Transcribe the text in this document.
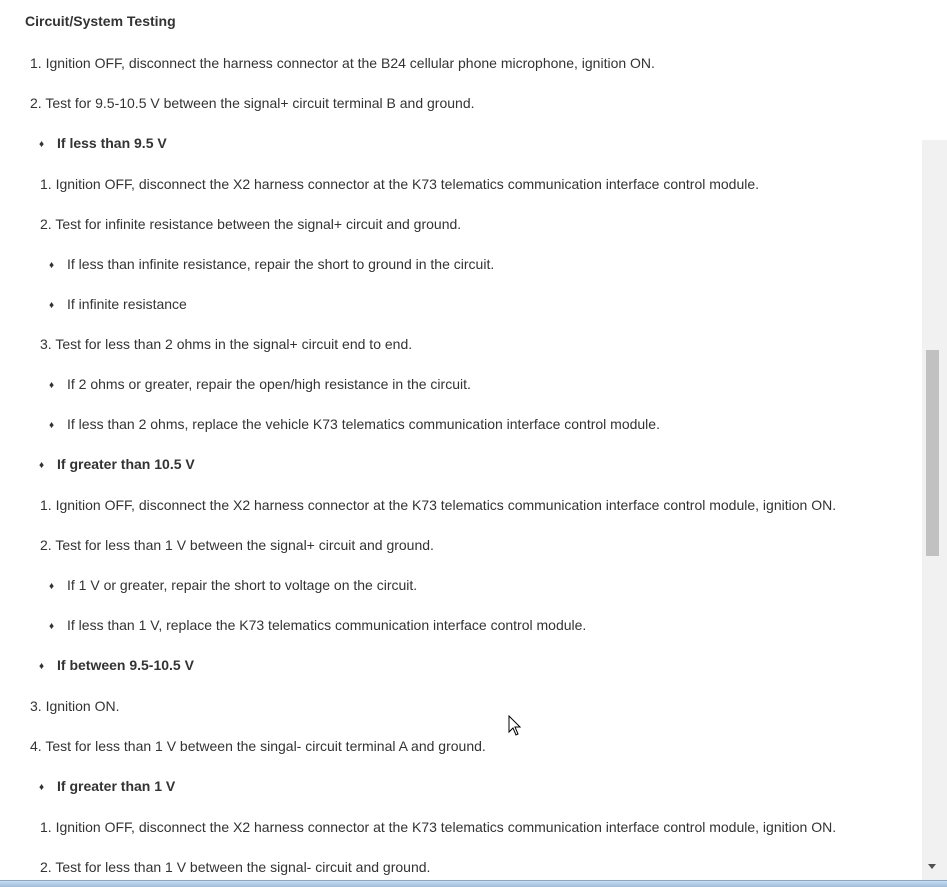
Circuit/System Testing
1. Ignition OFF, disconnect the harness connector at the B24 cellular phone microphone, ignition ON.
2. Test for 9.5-10.5 V between the signal+ circuit terminal B and ground.
♦ If less than 9.5 V
1. Ignition OFF, disconnect the X2 harness connector at the K73 telematics communication interface control module.
2. Test for infinite resistance between the signal+ circuit and ground.
♦ If less than infinite resistance, repair the short to ground in the circuit.
♦ If infinite resistance
3. Test for less than 2 ohms in the signal+ circuit end to end.
♦ If 2 ohms or greater, repair the open/high resistance in the circuit.
♦ If less than 2 ohms, replace the vehicle K73 telematics communication interface control module.
♦ If greater than 10.5 V
1. Ignition OFF, disconnect the X2 harness connector at the K73 telematics communication interface control module, ignition ON.
2. Test for less than 1 V between the signal+ circuit and ground.
♦ If 1 V or greater, repair the short to voltage on the circuit.
♦ If less than 1 V, replace the K73 telematics communication interface control module.
♦ If between 9.5-10.5 V
3. Ignition ON.
4. Test for less than 1 V between the singal- circuit terminal A and ground.
♦ If greater than 1 V
1. Ignition OFF, disconnect the X2 harness connector at the K73 telematics communication interface control module, ignition ON.
2. Test for less than 1 V between the signal- circuit and ground.
